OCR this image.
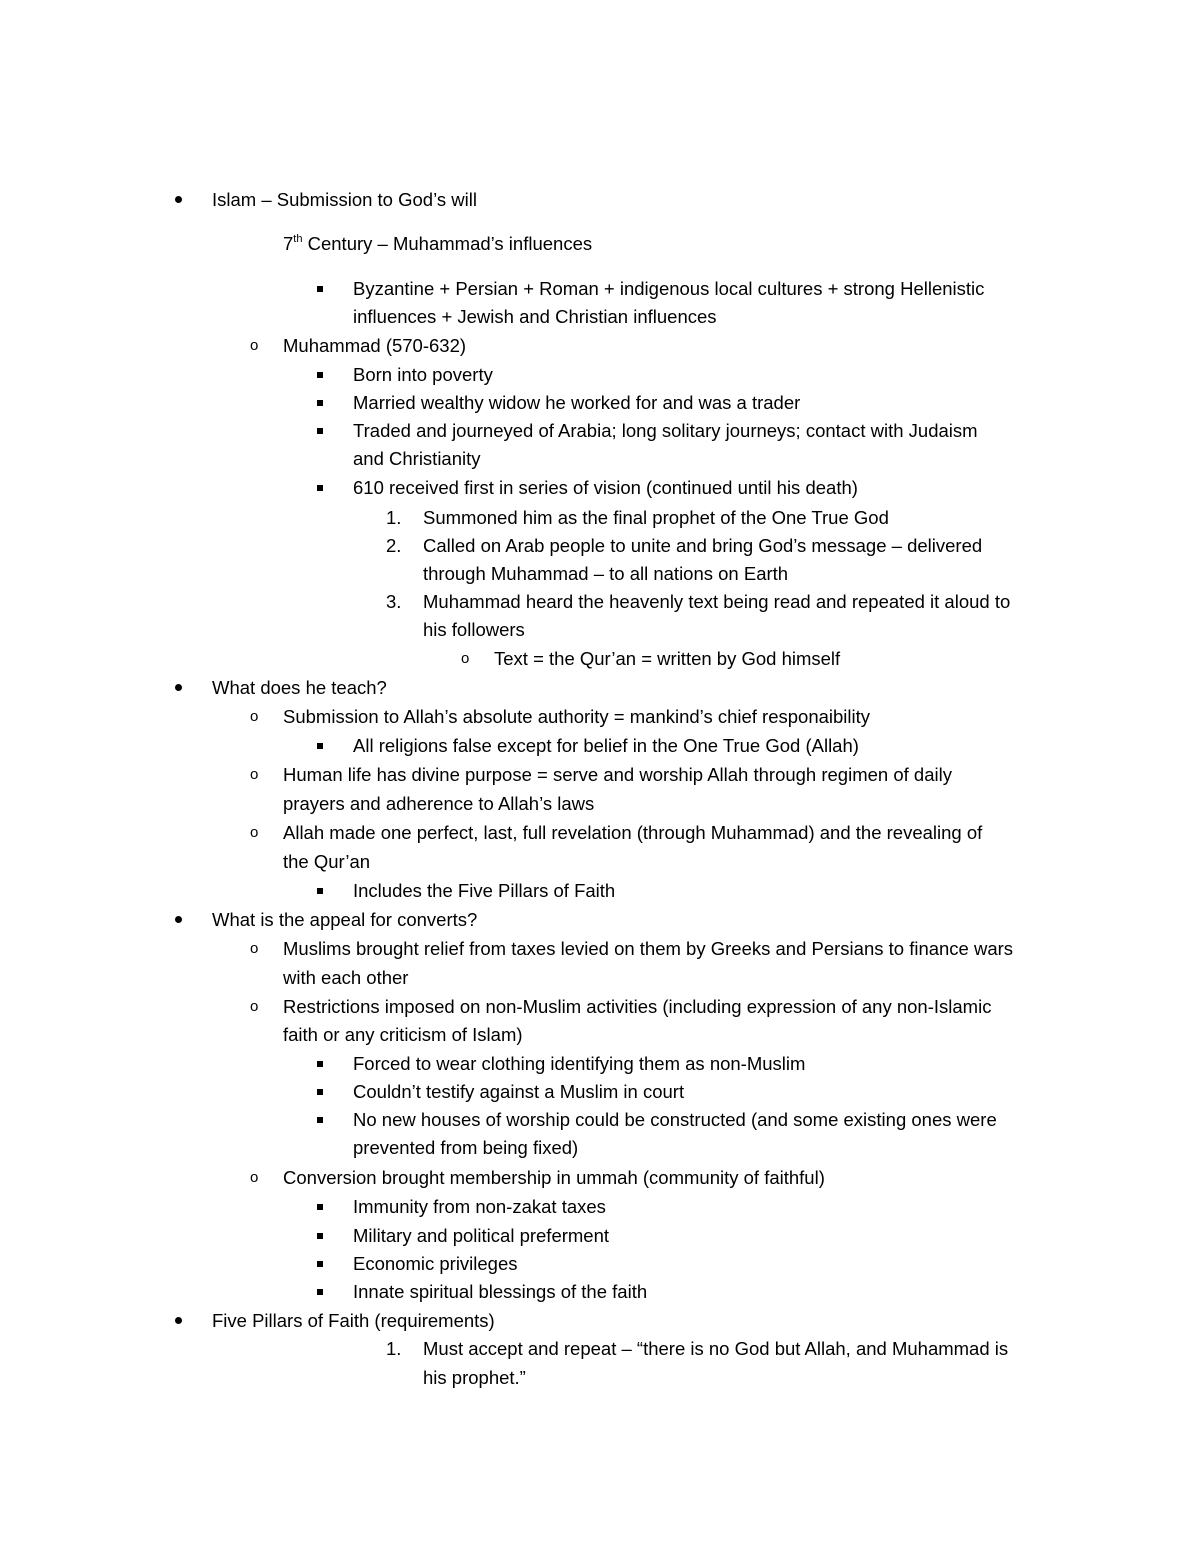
Islam – Submission to God’s will
7th Century – Muhammad’s influences
Byzantine + Persian + Roman + indigenous local cultures + strong Hellenistic
influences + Jewish and Christian influences
o Muhammad (570-632)
Born into poverty
Married wealthy widow he worked for and was a trader
Traded and journeyed of Arabia; long solitary journeys; contact with Judaism
and Christianity
610 received first in series of vision (continued until his death)
1. Summoned him as the final prophet of the One True God
2. Called on Arab people to unite and bring God’s message – delivered
through Muhammad – to all nations on Earth
3. Muhammad heard the heavenly text being read and repeated it aloud to
his followers
o Text = the Qur’an = written by God himself
What does he teach?
o Submission to Allah’s absolute authority = mankind’s chief responaibility
All religions false except for belief in the One True God (Allah)
o Human life has divine purpose = serve and worship Allah through regimen of daily
prayers and adherence to Allah’s laws
o Allah made one perfect, last, full revelation (through Muhammad) and the revealing of
the Qur’an
Includes the Five Pillars of Faith
What is the appeal for converts?
o Muslims brought relief from taxes levied on them by Greeks and Persians to finance wars
with each other
o Restrictions imposed on non-Muslim activities (including expression of any non-Islamic
faith or any criticism of Islam)
Forced to wear clothing identifying them as non-Muslim
Couldn’t testify against a Muslim in court
No new houses of worship could be constructed (and some existing ones were
prevented from being fixed)
o Conversion brought membership in ummah (community of faithful)
Immunity from non-zakat taxes
Military and political preferment
Economic privileges
Innate spiritual blessings of the faith
Five Pillars of Faith (requirements)
1. Must accept and repeat – “there is no God but Allah, and Muhammad is
his prophet.”
